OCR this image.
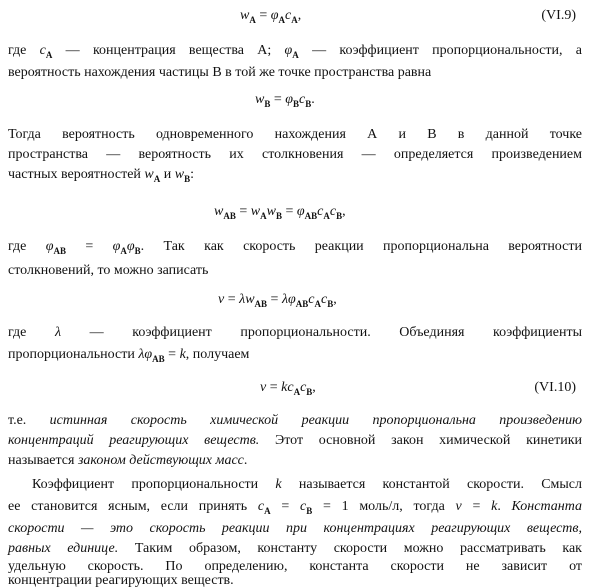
$w_A = \varphi_Ac_A$,	(VI.9)
где $c_A$ — концентрация вещества А; $\varphi_A$ — коэффициент пропорциональности, а
вероятность нахождения частицы В в той же точке пространства равна
$w_B = \varphi_Bc_B$.
Тогда вероятность одновременного нахождения А и В в данной точке
пространства — вероятность их столкновения — определяется произведением
частных вероятностей $w_A$ и $w_B$:
$w_{AB} = w_Aw_B = \varphi_{AB}c_Ac_B$,
где $\varphi_{AB} = \varphi_A\varphi_B$. Так как скорость реакции пропорциональна вероятности
столкновений, то можно записать
$v = \lambda w_{AB} = \lambda\varphi_{AB}c_Ac_B$,
где λ — коэффициент пропорциональности. Объединяя коэффициенты
пропорциональности $\lambda\varphi_{AB} = k$, получаем
$v = kc_Ac_B$,	(VI.10)
т.е. истинная скорость химической реакции пропорциональна произведению
концентраций реагирующих веществ. Этот основной закон химической кинетики
называется законом действующих масс.
Коэффициент пропорциональности k называется константой скорости. Смысл
ее становится ясным, если принять $c_A = c_B = 1$ моль/л, тогда v = k. Константа
скорости — это скорость реакции при концентрациях реагирующих веществ,
равных единице. Таким образом, константу скорости можно рассматривать как
удельную скорость. По определению, константа скорости не зависит от
концентрации реагирующих веществ.
